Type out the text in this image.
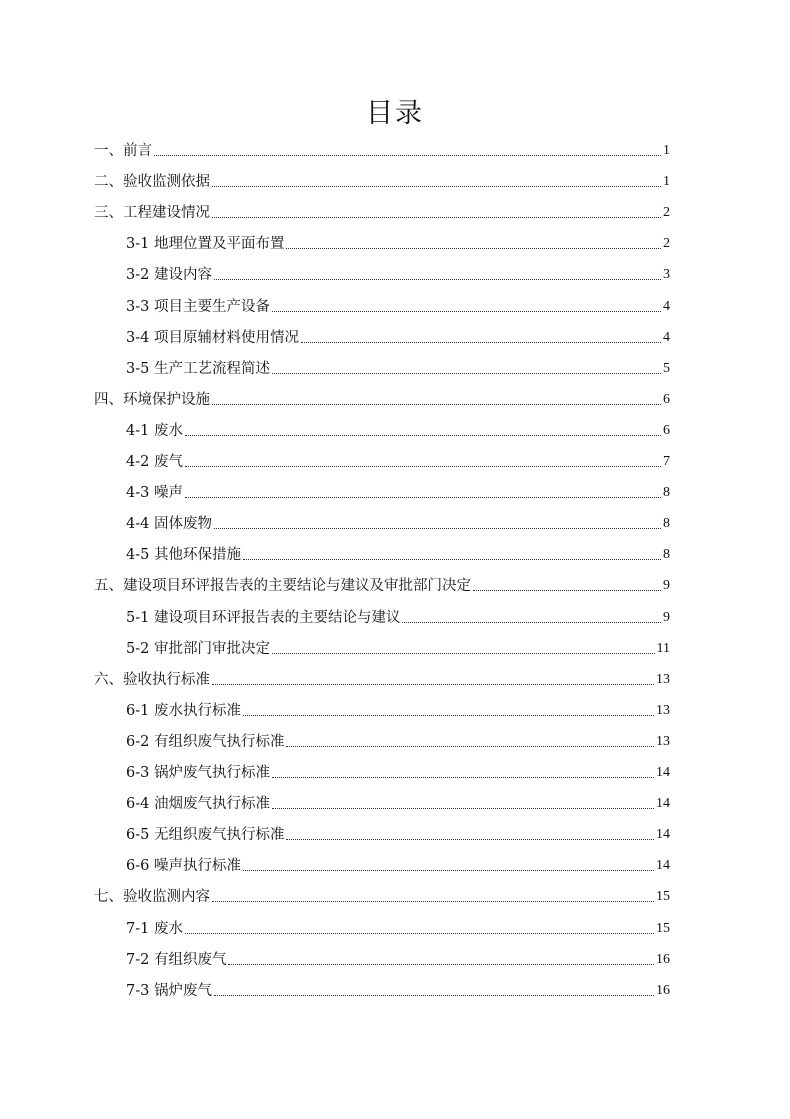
目录
一、前言	1
二、验收监测依据	1
三、工程建设情况	2
3-1 地理位置及平面布置	2
3-2 建设内容	3
3-3 项目主要生产设备	4
3-4 项目原辅材料使用情况	4
3-5 生产工艺流程简述	5
四、环境保护设施	6
4-1 废水	6
4-2 废气	7
4-3 噪声	8
4-4 固体废物	8
4-5 其他环保措施	8
五、建设项目环评报告表的主要结论与建议及审批部门决定	9
5-1 建设项目环评报告表的主要结论与建议	9
5-2 审批部门审批决定	11
六、验收执行标准	13
6-1 废水执行标准	13
6-2 有组织废气执行标准	13
6-3 锅炉废气执行标准	14
6-4 油烟废气执行标准	14
6-5 无组织废气执行标准	14
6-6 噪声执行标准	14
七、验收监测内容	15
7-1 废水	15
7-2 有组织废气	16
7-3 锅炉废气	16
